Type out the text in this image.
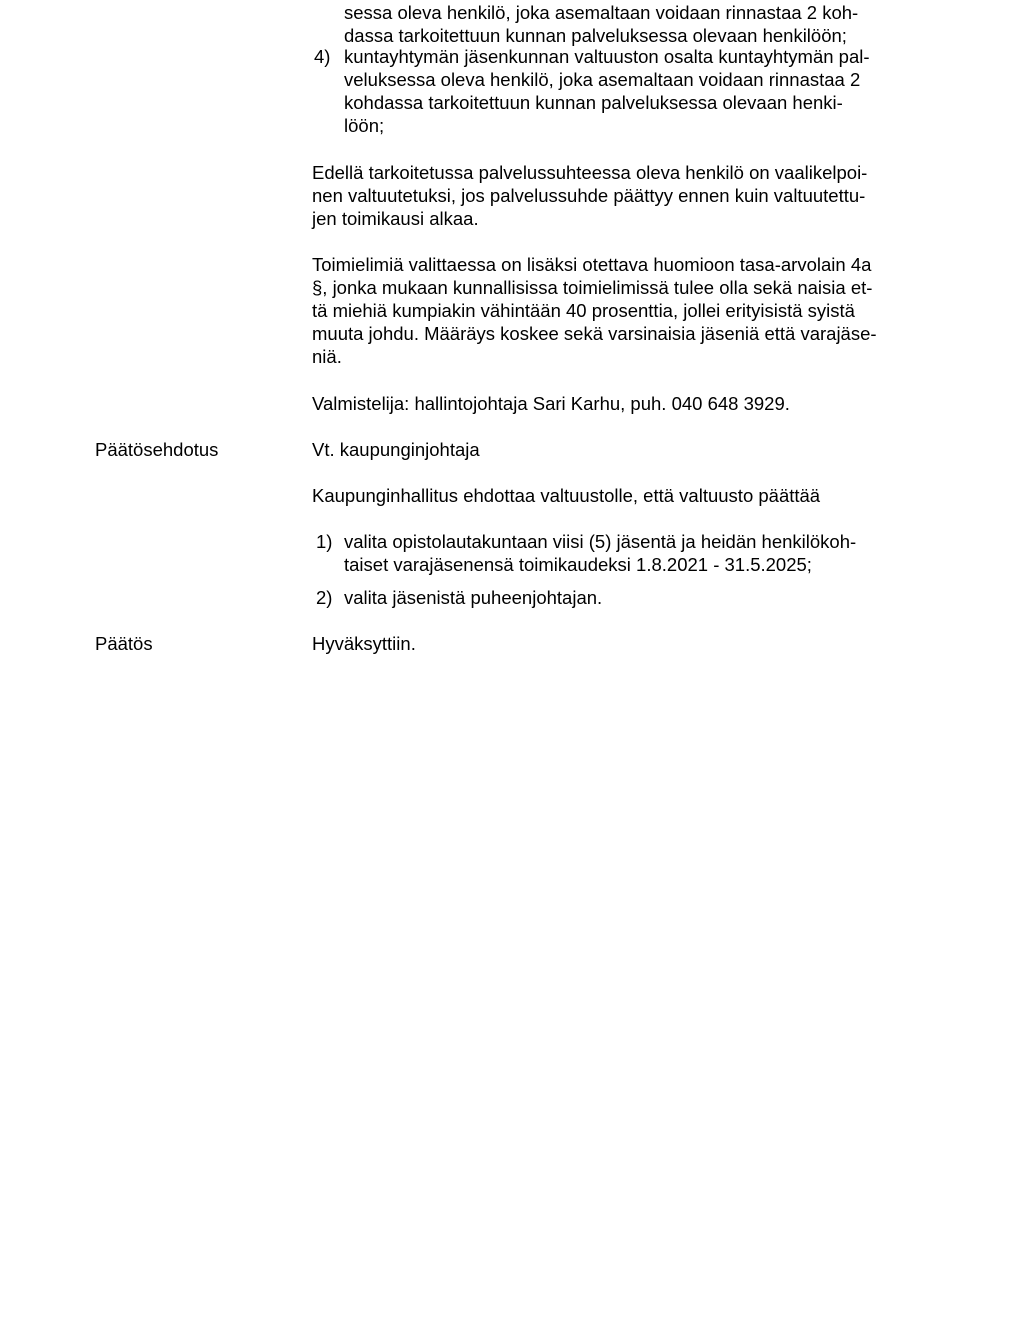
sessa oleva henkilö, joka asemaltaan voidaan rinnastaa 2 koh-
dassa tarkoitettuun kunnan palveluksessa olevaan henkilöön;
4) kuntayhtymän jäsenkunnan valtuuston osalta kuntayhtymän pal-
veluksessa oleva henkilö, joka asemaltaan voidaan rinnastaa 2
kohdassa tarkoitettuun kunnan palveluksessa olevaan henki-
löön;
Edellä tarkoitetussa palvelussuhteessa oleva henkilö on vaalikelpoi-
nen valtuutetuksi, jos palvelussuhde päättyy ennen kuin valtuutettu-
jen toimikausi alkaa.
Toimielimiä valittaessa on lisäksi otettava huomioon tasa-arvolain 4a
§, jonka mukaan kunnallisissa toimielimissä tulee olla sekä naisia et-
tä miehiä kumpiakin vähintään 40 prosenttia, jollei erityisistä syistä
muuta johdu. Määräys koskee sekä varsinaisia jäseniä että varajäse-
niä.
Valmistelija: hallintojohtaja Sari Karhu, puh. 040 648 3929.
Päätösehdotus	Vt. kaupunginjohtaja
Kaupunginhallitus ehdottaa valtuustolle, että valtuusto päättää
1) valita opistolautakuntaan viisi (5) jäsentä ja heidän henkilökoh-
taiset varajäsenensä toimikaudeksi 1.8.2021 - 31.5.2025;
2) valita jäsenistä puheenjohtajan.
Päätös	Hyväksyttiin.
